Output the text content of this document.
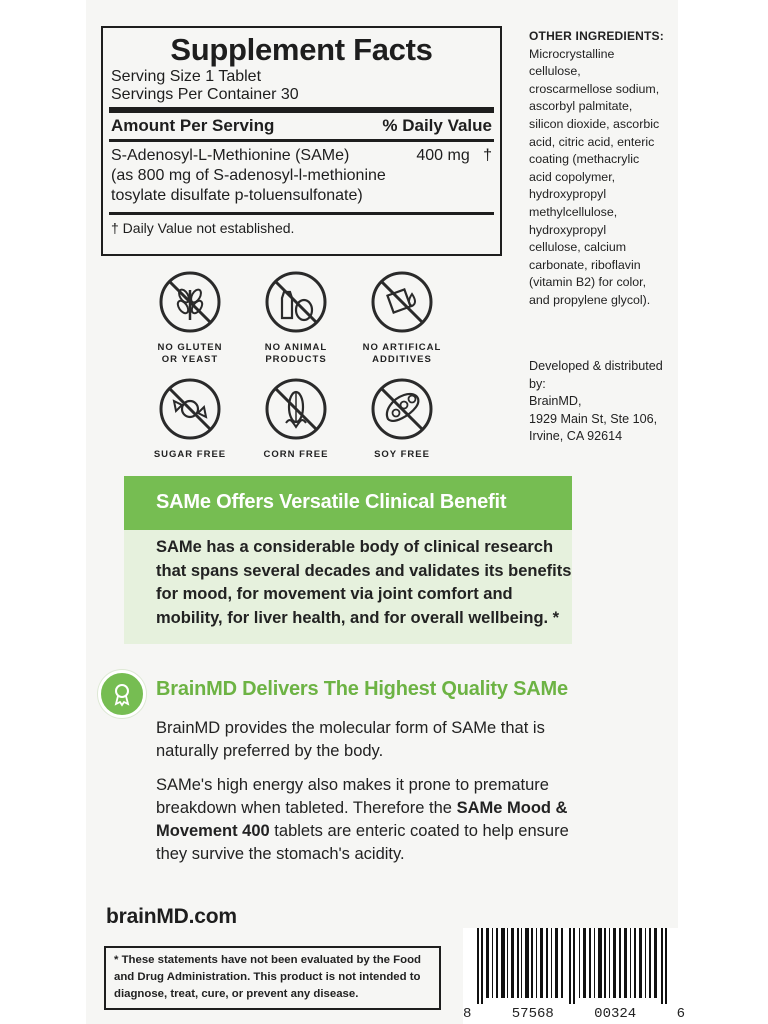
Supplement Facts
Serving Size 1 Tablet
Servings Per Container 30
Amount Per Serving	% Daily Value
S-Adenosyl-L-Methionine (SAMe)	400 mg †
(as 800 mg of S-adenosyl-l-methionine
tosylate disulfate p-toluensulfonate)
† Daily Value not established.
OTHER INGREDIENTS:
Microcrystalline
cellulose,
croscarmellose sodium,
ascorbyl palmitate,
silicon dioxide, ascorbic
acid, citric acid, enteric
coating (methacrylic
acid copolymer,
hydroxypropyl
methylcellulose,
hydroxypropyl
cellulose, calcium
carbonate, riboflavin
(vitamin B2) for color,
and propylene glycol).
Developed & distributed by:
BrainMD,
1929 Main St, Ste 106,
Irvine, CA 92614
NO GLUTEN
OR YEAST
NO ANIMAL
PRODUCTS
NO ARTIFICAL
ADDITIVES
SUGAR FREE	CORN FREE	SOY FREE
SAMe Offers Versatile Clinical Benefit
SAMe has a considerable body of clinical research that spans several decades and validates its benefits for mood, for movement via joint comfort and mobility, for liver health, and for overall wellbeing. *
BrainMD Delivers The Highest Quality SAMe
BrainMD provides the molecular form of SAMe that is naturally preferred by the body.
SAMe's high energy also makes it prone to premature breakdown when tableted. Therefore the SAMe Mood & Movement 400 tablets are enteric coated to help ensure they survive the stomach's acidity.
brainMD.com
* These statements have not been evaluated by the Food and Drug Administration. This product is not intended to diagnose, treat, cure, or prevent any disease.
8	57568	00324	6
